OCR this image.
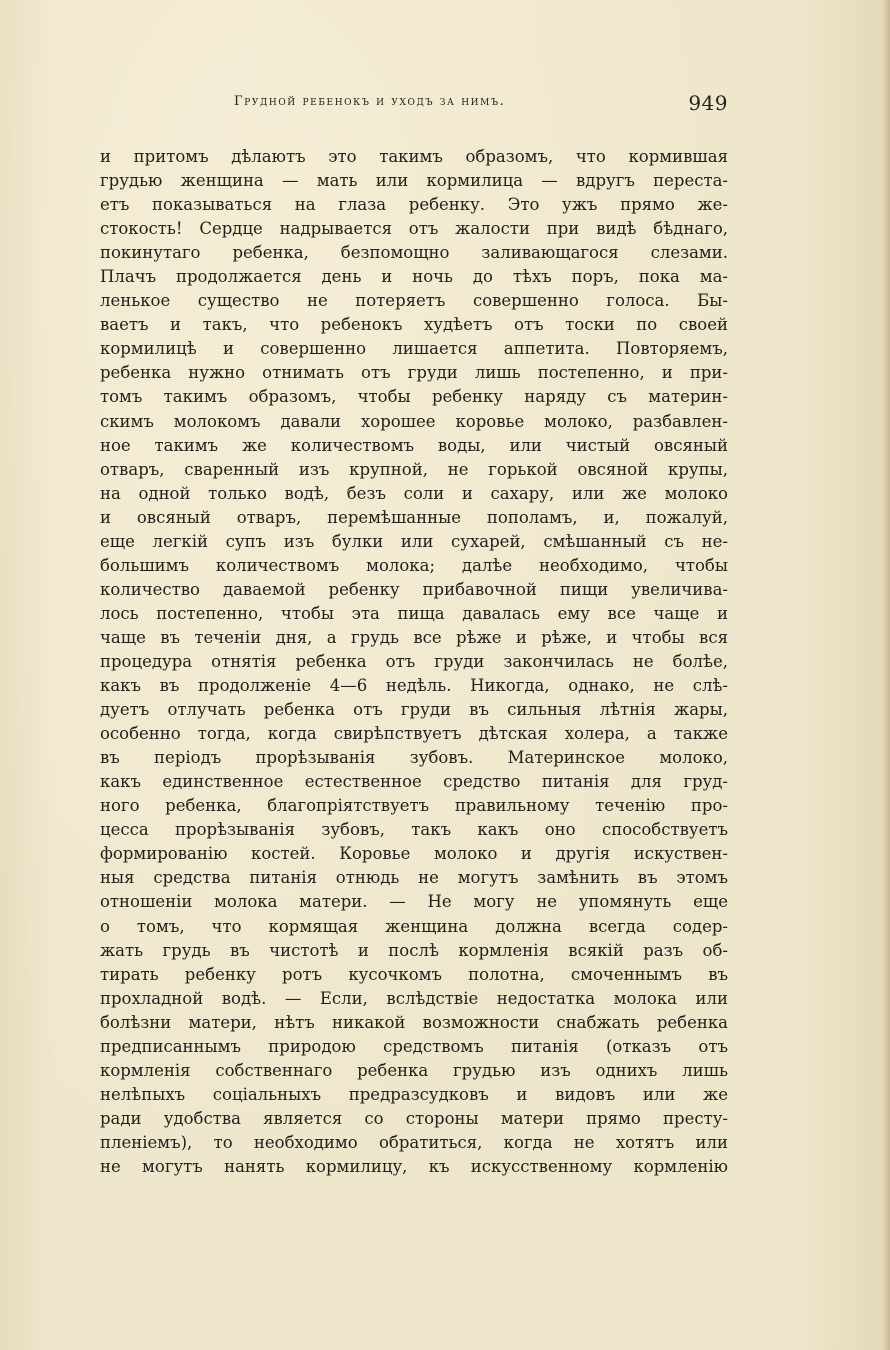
Грудной ребенокъ и уходъ за нимъ.	949
и притомъ дѣлаютъ это такимъ образомъ, что кормившая
грудью женщина — мать или кормилица — вдругъ переста-
етъ показываться на глаза ребенку. Это ужъ прямо же-
стокость! Сердце надрывается отъ жалости при видѣ бѣднаго,
покинутаго ребенка, безпомощно заливающагося слезами.
Плачъ продолжается день и ночь до тѣхъ поръ, пока ма-
ленькое существо не потеряетъ совершенно голоса. Бы-
ваетъ и такъ, что ребенокъ худѣетъ отъ тоски по своей
кормилицѣ и совершенно лишается аппетита. Повторяемъ,
ребенка нужно отнимать отъ груди лишь постепенно, и при-
томъ такимъ образомъ, чтобы ребенку наряду съ материн-
скимъ молокомъ давали хорошее коровье молоко, разбавлен-
ное такимъ же количествомъ воды, или чистый овсяный
отваръ, сваренный изъ крупной, не горькой овсяной крупы,
на одной только водѣ, безъ соли и сахару, или же молоко
и овсяный отваръ, перемѣшанные пополамъ, и, пожалуй,
еще легкій супъ изъ булки или сухарей, смѣшанный съ не-
большимъ количествомъ молока; далѣе необходимо, чтобы
количество даваемой ребенку прибавочной пищи увеличива-
лось постепенно, чтобы эта пища давалась ему все чаще и
чаще въ теченіи дня, а грудь все рѣже и рѣже, и чтобы вся
процедура отнятія ребенка отъ груди закончилась не болѣе,
какъ въ продолженіе 4—6 недѣль. Никогда, однако, не слѣ-
дуетъ отлучать ребенка отъ груди въ сильныя лѣтнія жары,
особенно тогда, когда свирѣпствуетъ дѣтская холера, а также
въ періодъ прорѣзыванія зубовъ. Материнское молоко,
какъ единственное естественное средство питанія для груд-
ного ребенка, благопріятствуетъ правильному теченію про-
цесса прорѣзыванія зубовъ, такъ какъ оно способствуетъ
формированію костей. Коровье молоко и другія искуствен-
ныя средства питанія отнюдь не могутъ замѣнить въ этомъ
отношеніи молока матери. — Не могу не упомянуть еще
о томъ, что кормящая женщина должна всегда содер-
жать грудь въ чистотѣ и послѣ кормленія всякій разъ об-
тирать ребенку ротъ кусочкомъ полотна, смоченнымъ въ
прохладной водѣ. — Если, вслѣдствіе недостатка молока или
болѣзни матери, нѣтъ никакой возможности снабжать ребенка
предписаннымъ природою средствомъ питанія (отказъ отъ
кормленія собственнаго ребенка грудью изъ однихъ лишь
нелѣпыхъ соціальныхъ предразсудковъ и видовъ или же
ради удобства является со стороны матери прямо престу-
пленіемъ), то необходимо обратиться, когда не хотятъ или
не могутъ нанять кормилицу, къ искусственному кормленію
